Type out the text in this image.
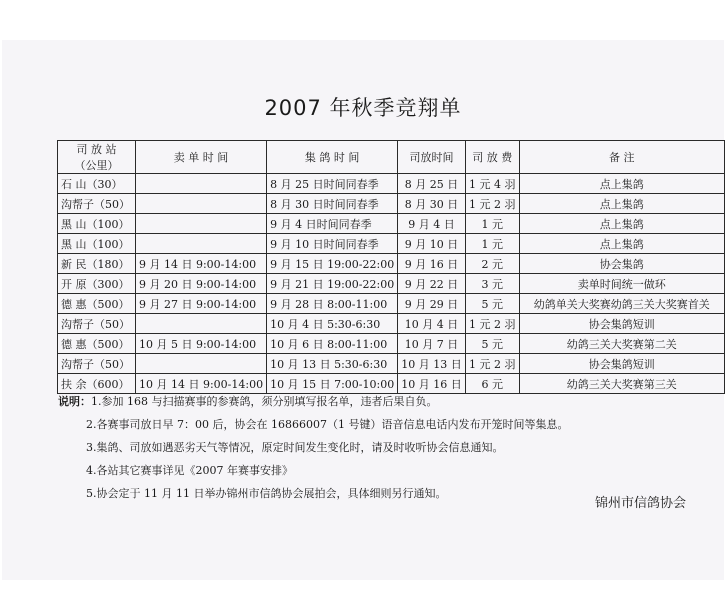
2007 年秋季竞翔单
司 放 站
（公里）	卖 单 时 间	集 鸽 时 间	司放时间	司 放 费	备 注
石 山（30）		8 月 25 日时间同春季	8 月 25 日	1 元 4 羽	点上集鸽
沟帮子（50）		8 月 30 日时间同春季	8 月 30 日	1 元 2 羽	点上集鸽
黑 山（100）		9 月 4 日时间同春季	9 月 4 日	1 元	点上集鸽
黑 山（100）		9 月 10 日时间同春季	9 月 10 日	1 元	点上集鸽
新 民（180）	9 月 14 日 9:00-14:00	9 月 15 日 19:00-22:00	9 月 16 日	2 元	协会集鸽
开 原（300）	9 月 20 日 9:00-14:00	9 月 21 日 19:00-22:00	9 月 22 日	3 元	卖单时间统一做环
德 惠（500）	9 月 27 日 9:00-14:00	9 月 28 日 8:00-11:00	9 月 29 日	5 元	幼鸽单关大奖赛幼鸽三关大奖赛首关
沟帮子（50）		10 月 4 日 5:30-6:30	10 月 4 日	1 元 2 羽	协会集鸽短训
德 惠（500）	10 月 5 日 9:00-14:00	10 月 6 日 8:00-11:00	10 月 7 日	5 元	幼鸽三关大奖赛第二关
沟帮子（50）		10 月 13 日 5:30-6:30	10 月 13 日	1 元 2 羽	协会集鸽短训
扶 余（600）	10 月 14 日 9:00-14:00	10 月 15 日 7:00-10:00	10 月 16 日	6 元	幼鸽三关大奖赛第三关
说明：1.参加 168 与扫描赛事的参赛鸽，须分别填写报名单，违者后果自负。
2.各赛事司放日早 7：00 后，协会在 16866007（1 号键）语音信息电话内发布开笼时间等集息。
3.集鸽、司放如遇恶劣天气等情况，原定时间发生变化时，请及时收听协会信息通知。
4.各站其它赛事详见《2007 年赛事安排》
5.协会定于 11 月 11 日举办锦州市信鸽协会展拍会，具体细则另行通知。
锦州市信鸽协会
